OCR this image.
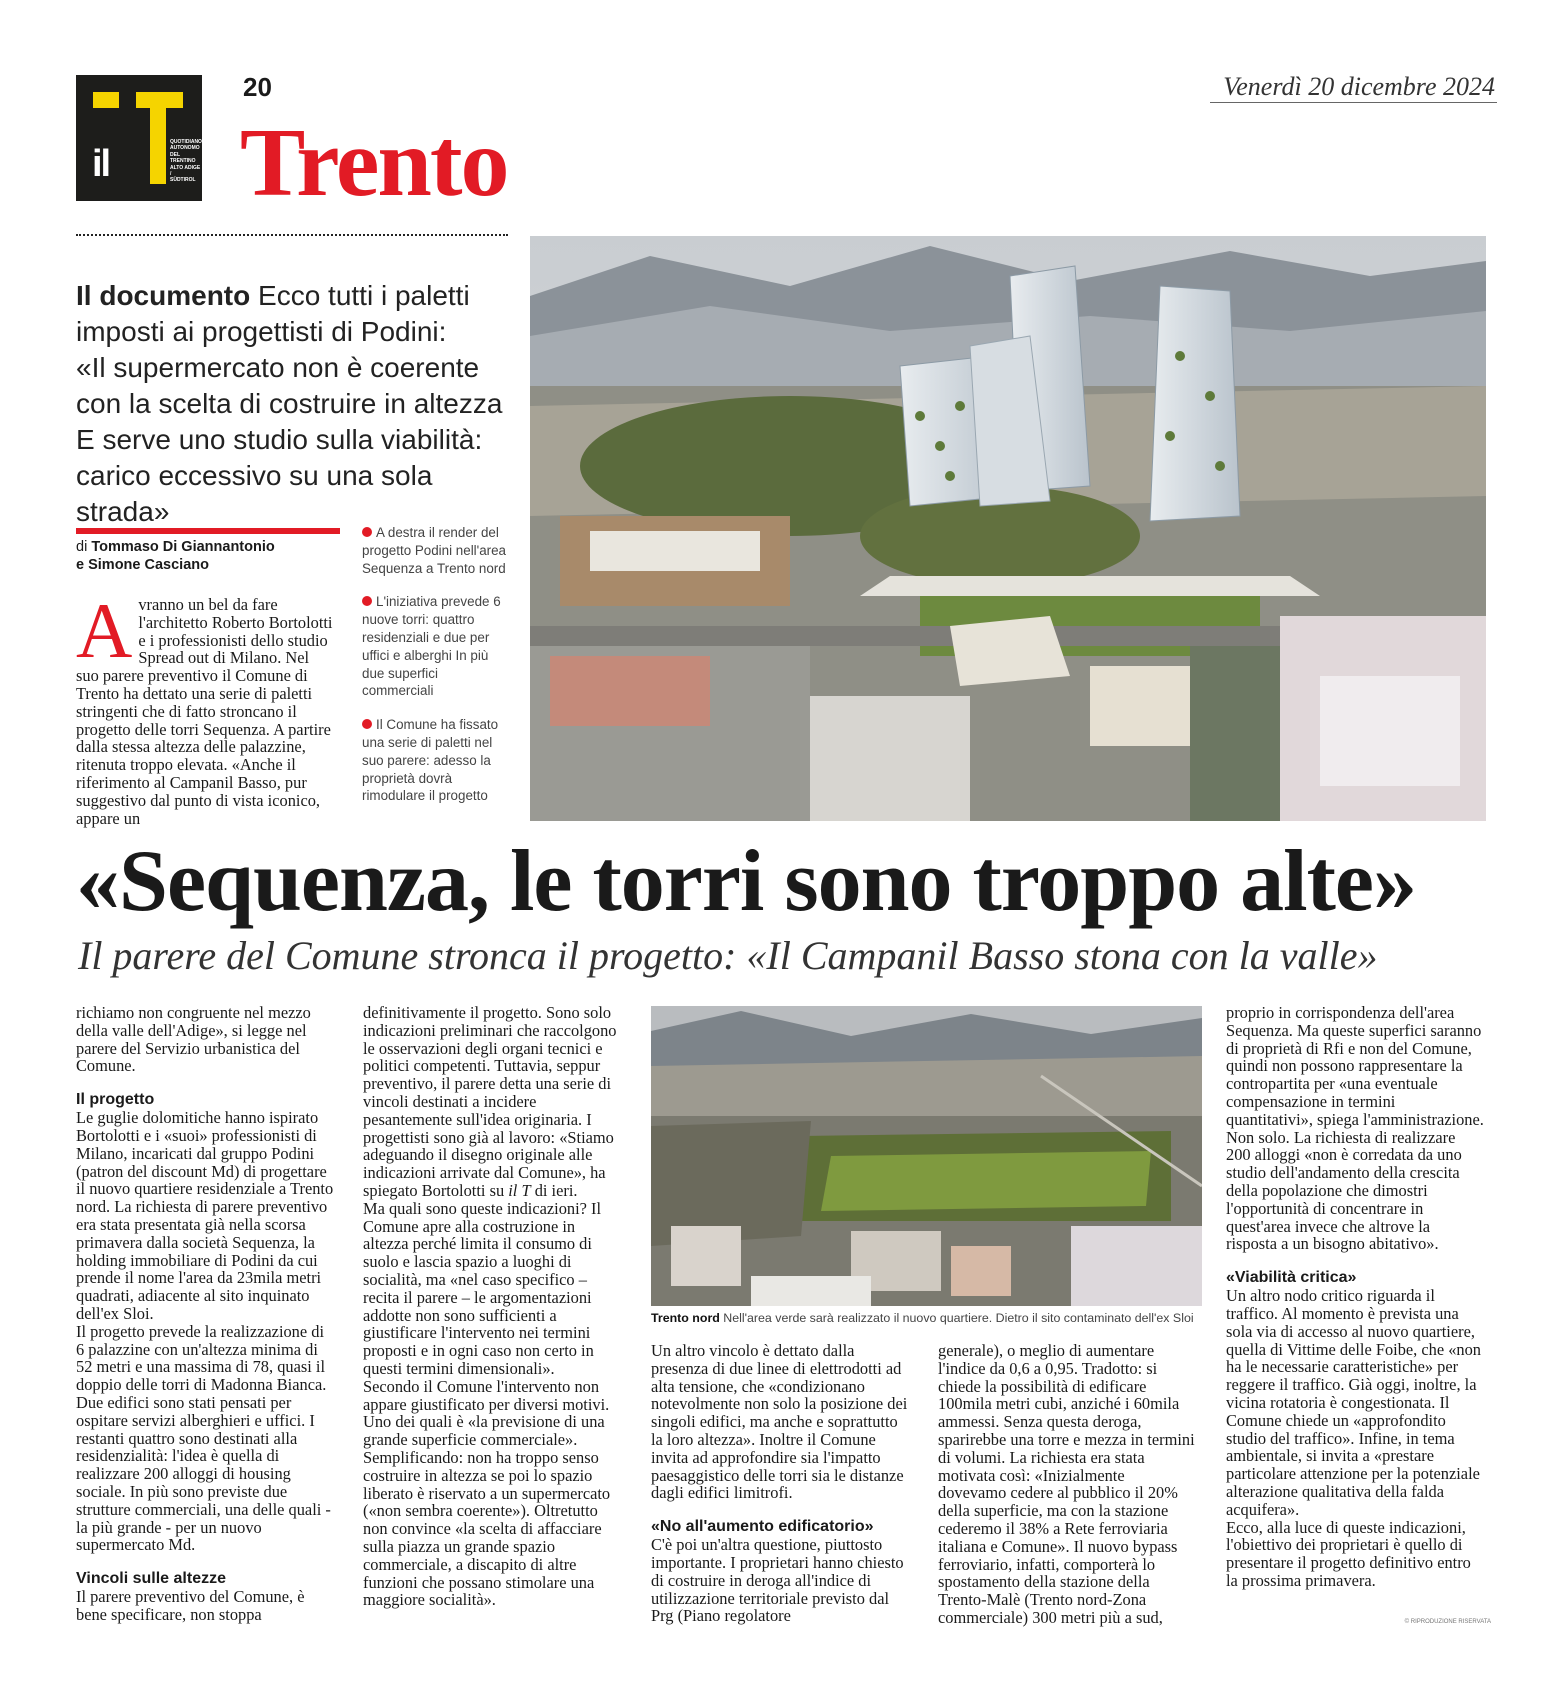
il
QUOTIDIANO
AUTONOMO
DEL TRENTINO
ALTO ADIGE /
SÜDTIROL
20	Venerdì 20 dicembre 2024
Trento
Il documento Ecco tutti i paletti
imposti ai progettisti di Podini:
«Il supermercato non è coerente
con la scelta di costruire in altezza
E serve uno studio sulla viabilità:
carico eccessivo su una sola strada»
di Tommaso Di Giannantonio
e Simone Casciano
Avranno un bel da fare l'architetto Roberto Bortolotti e i professionisti dello studio Spread out di Milano. Nel suo parere preventivo il Comune di Trento ha dettato una serie di paletti stringenti che di fatto stroncano il progetto delle torri Sequenza. A partire dalla stessa altezza delle palazzine, ritenuta troppo elevata. «Anche il riferimento al Campanil Basso, pur suggestivo dal punto di vista iconico, appare un
A destra il render del progetto Podini nell'area Sequenza a Trento nord
L'iniziativa prevede 6 nuove torri: quattro residenziali e due per uffici e alberghi In più due superfici commerciali
Il Comune ha fissato una serie di paletti nel suo parere: adesso la proprietà dovrà rimodulare il progetto
«Sequenza, le torri sono troppo alte»
Il parere del Comune stronca il progetto: «Il Campanil Basso stona con la valle»

richiamo non congruente nel mezzo della valle dell'Adige», si legge nel parere del Servizio urbanistica del Comune.

Il progetto

Le guglie dolomitiche hanno ispirato Bortolotti e i «suoi» professionisti di Milano, incaricati dal gruppo Podini (patron del discount Md) di progettare il nuovo quartiere residenziale a Trento nord. La richiesta di parere preventivo era stata presentata già nella scorsa primavera dalla società Sequenza, la holding immobiliare di Podini da cui prende il nome l'area da 23mila metri quadrati, adiacente al sito inquinato dell'ex Sloi.

Il progetto prevede la realizzazione di 6 palazzine con un'altezza minima di 52 metri e una massima di 78, quasi il doppio delle torri di Madonna Bianca. Due edifici sono stati pensati per ospitare servizi alberghieri e uffici. I restanti quattro sono destinati alla residenzialità: l'idea è quella di realizzare 200 alloggi di housing sociale. In più sono previste due strutture commerciali, una delle quali - la più grande - per un nuovo supermercato Md.

Vincoli sulle altezze

Il parere preventivo del Comune, è bene specificare, non stoppa

definitivamente il progetto. Sono solo indicazioni preliminari che raccolgono le osservazioni degli organi tecnici e politici competenti. Tuttavia, seppur preventivo, il parere detta una serie di vincoli destinati a incidere pesantemente sull'idea originaria. I progettisti sono già al lavoro: «Stiamo adeguando il disegno originale alle indicazioni arrivate dal Comune», ha spiegato Bortolotti su il T di ieri.

Ma quali sono queste indicazioni? Il Comune apre alla costruzione in altezza perché limita il consumo di suolo e lascia spazio a luoghi di socialità, ma «nel caso specifico – recita il parere – le argomentazioni addotte non sono sufficienti a giustificare l'intervento nei termini proposti e in ogni caso non certo in questi termini dimensionali».

Secondo il Comune l'intervento non appare giustificato per diversi motivi. Uno dei quali è «la previsione di una grande superficie commerciale». Semplificando: non ha troppo senso costruire in altezza se poi lo spazio liberato è riservato a un supermercato («non sembra coerente»). Oltretutto non convince «la scelta di affacciare sulla piazza un grande spazio commerciale, a discapito di altre funzioni che possano stimolare una maggiore socialità».

Trento nord Nell'area verde sarà realizzato il nuovo quartiere. Dietro il sito contaminato dell'ex Sloi

Un altro vincolo è dettato dalla presenza di due linee di elettrodotti ad alta tensione, che «condizionano notevolmente non solo la posizione dei singoli edifici, ma anche e soprattutto la loro altezza». Inoltre il Comune invita ad approfondire sia l'impatto paesaggistico delle torri sia le distanze dagli edifici limitrofi.

«No all'aumento edificatorio»

C'è poi un'altra questione, piuttosto importante. I proprietari hanno chiesto di costruire in deroga all'indice di utilizzazione territoriale previsto dal Prg (Piano regolatore

generale), o meglio di aumentare l'indice da 0,6 a 0,95. Tradotto: si chiede la possibilità di edificare 100mila metri cubi, anziché i 60mila ammessi. Senza questa deroga, sparirebbe una torre e mezza in termini di volumi. La richiesta era stata motivata così: «Inizialmente dovevamo cedere al pubblico il 20% della superficie, ma con la stazione cederemo il 38% a Rete ferroviaria italiana e Comune». Il nuovo bypass ferroviario, infatti, comporterà lo spostamento della stazione della Trento-Malè (Trento nord-Zona commerciale) 300 metri più a sud,

proprio in corrispondenza dell'area Sequenza. Ma queste superfici saranno di proprietà di Rfi e non del Comune, quindi non possono rappresentare la contropartita per «una eventuale compensazione in termini quantitativi», spiega l'amministrazione. Non solo. La richiesta di realizzare 200 alloggi «non è corredata da uno studio dell'andamento della crescita della popolazione che dimostri l'opportunità di concentrare in quest'area invece che altrove la risposta a un bisogno abitativo».

«Viabilità critica»

Un altro nodo critico riguarda il traffico. Al momento è prevista una sola via di accesso al nuovo quartiere, quella di Vittime delle Foibe, che «non ha le necessarie caratteristiche» per reggere il traffico. Già oggi, inoltre, la vicina rotatoria è congestionata. Il Comune chiede un «approfondito studio del traffico». Infine, in tema ambientale, si invita a «prestare particolare attenzione per la potenziale alterazione qualitativa della falda acquifera».

Ecco, alla luce di queste indicazioni, l'obiettivo dei proprietari è quello di presentare il progetto definitivo entro la prossima primavera.

© RIPRODUZIONE RISERVATA
